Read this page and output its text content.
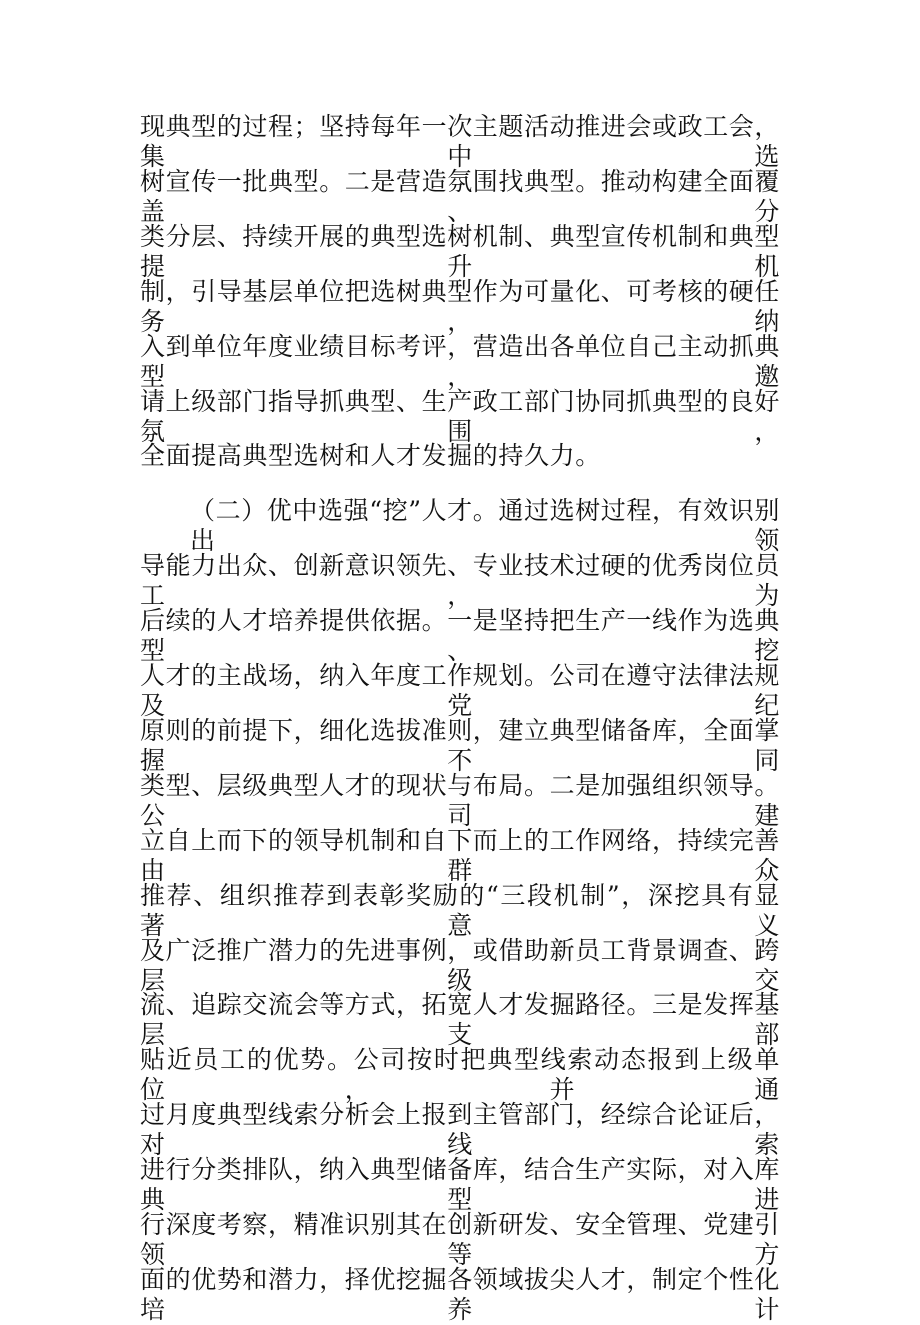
现典型的过程；坚持每年一次主题活动推进会或政工会，集中选
树宣传一批典型。二是营造氛围找典型。推动构建全面覆盖、分
类分层、持续开展的典型选树机制、典型宣传机制和典型提升机
制，引导基层单位把选树典型作为可量化、可考核的硬任务，纳
入到单位年度业绩目标考评，营造出各单位自己主动抓典型，邀
请上级部门指导抓典型、生产政工部门协同抓典型的良好氛围，
全面提高典型选树和人才发掘的持久力。
（二）优中选强“挖”人才。通过选树过程，有效识别出领
导能力出众、创新意识领先、专业技术过硬的优秀岗位员工，为
后续的人才培养提供依据。一是坚持把生产一线作为选典型、挖
人才的主战场，纳入年度工作规划。公司在遵守法律法规及党纪
原则的前提下，细化选拔准则，建立典型储备库，全面掌握不同
类型、层级典型人才的现状与布局。二是加强组织领导。公司建
立自上而下的领导机制和自下而上的工作网络，持续完善由群众
推荐、组织推荐到表彰奖励的“三段机制”，深挖具有显著意义
及广泛推广潜力的先进事例，或借助新员工背景调查、跨层级交
流、追踪交流会等方式，拓宽人才发掘路径。三是发挥基层支部
贴近员工的优势。公司按时把典型线索动态报到上级单位，并通
过月度典型线索分析会上报到主管部门，经综合论证后，对线索
进行分类排队，纳入典型储备库，结合生产实际，对入库典型进
行深度考察，精准识别其在创新研发、安全管理、党建引领等方
面的优势和潜力，择优挖掘各领域拔尖人才，制定个性化培养计
